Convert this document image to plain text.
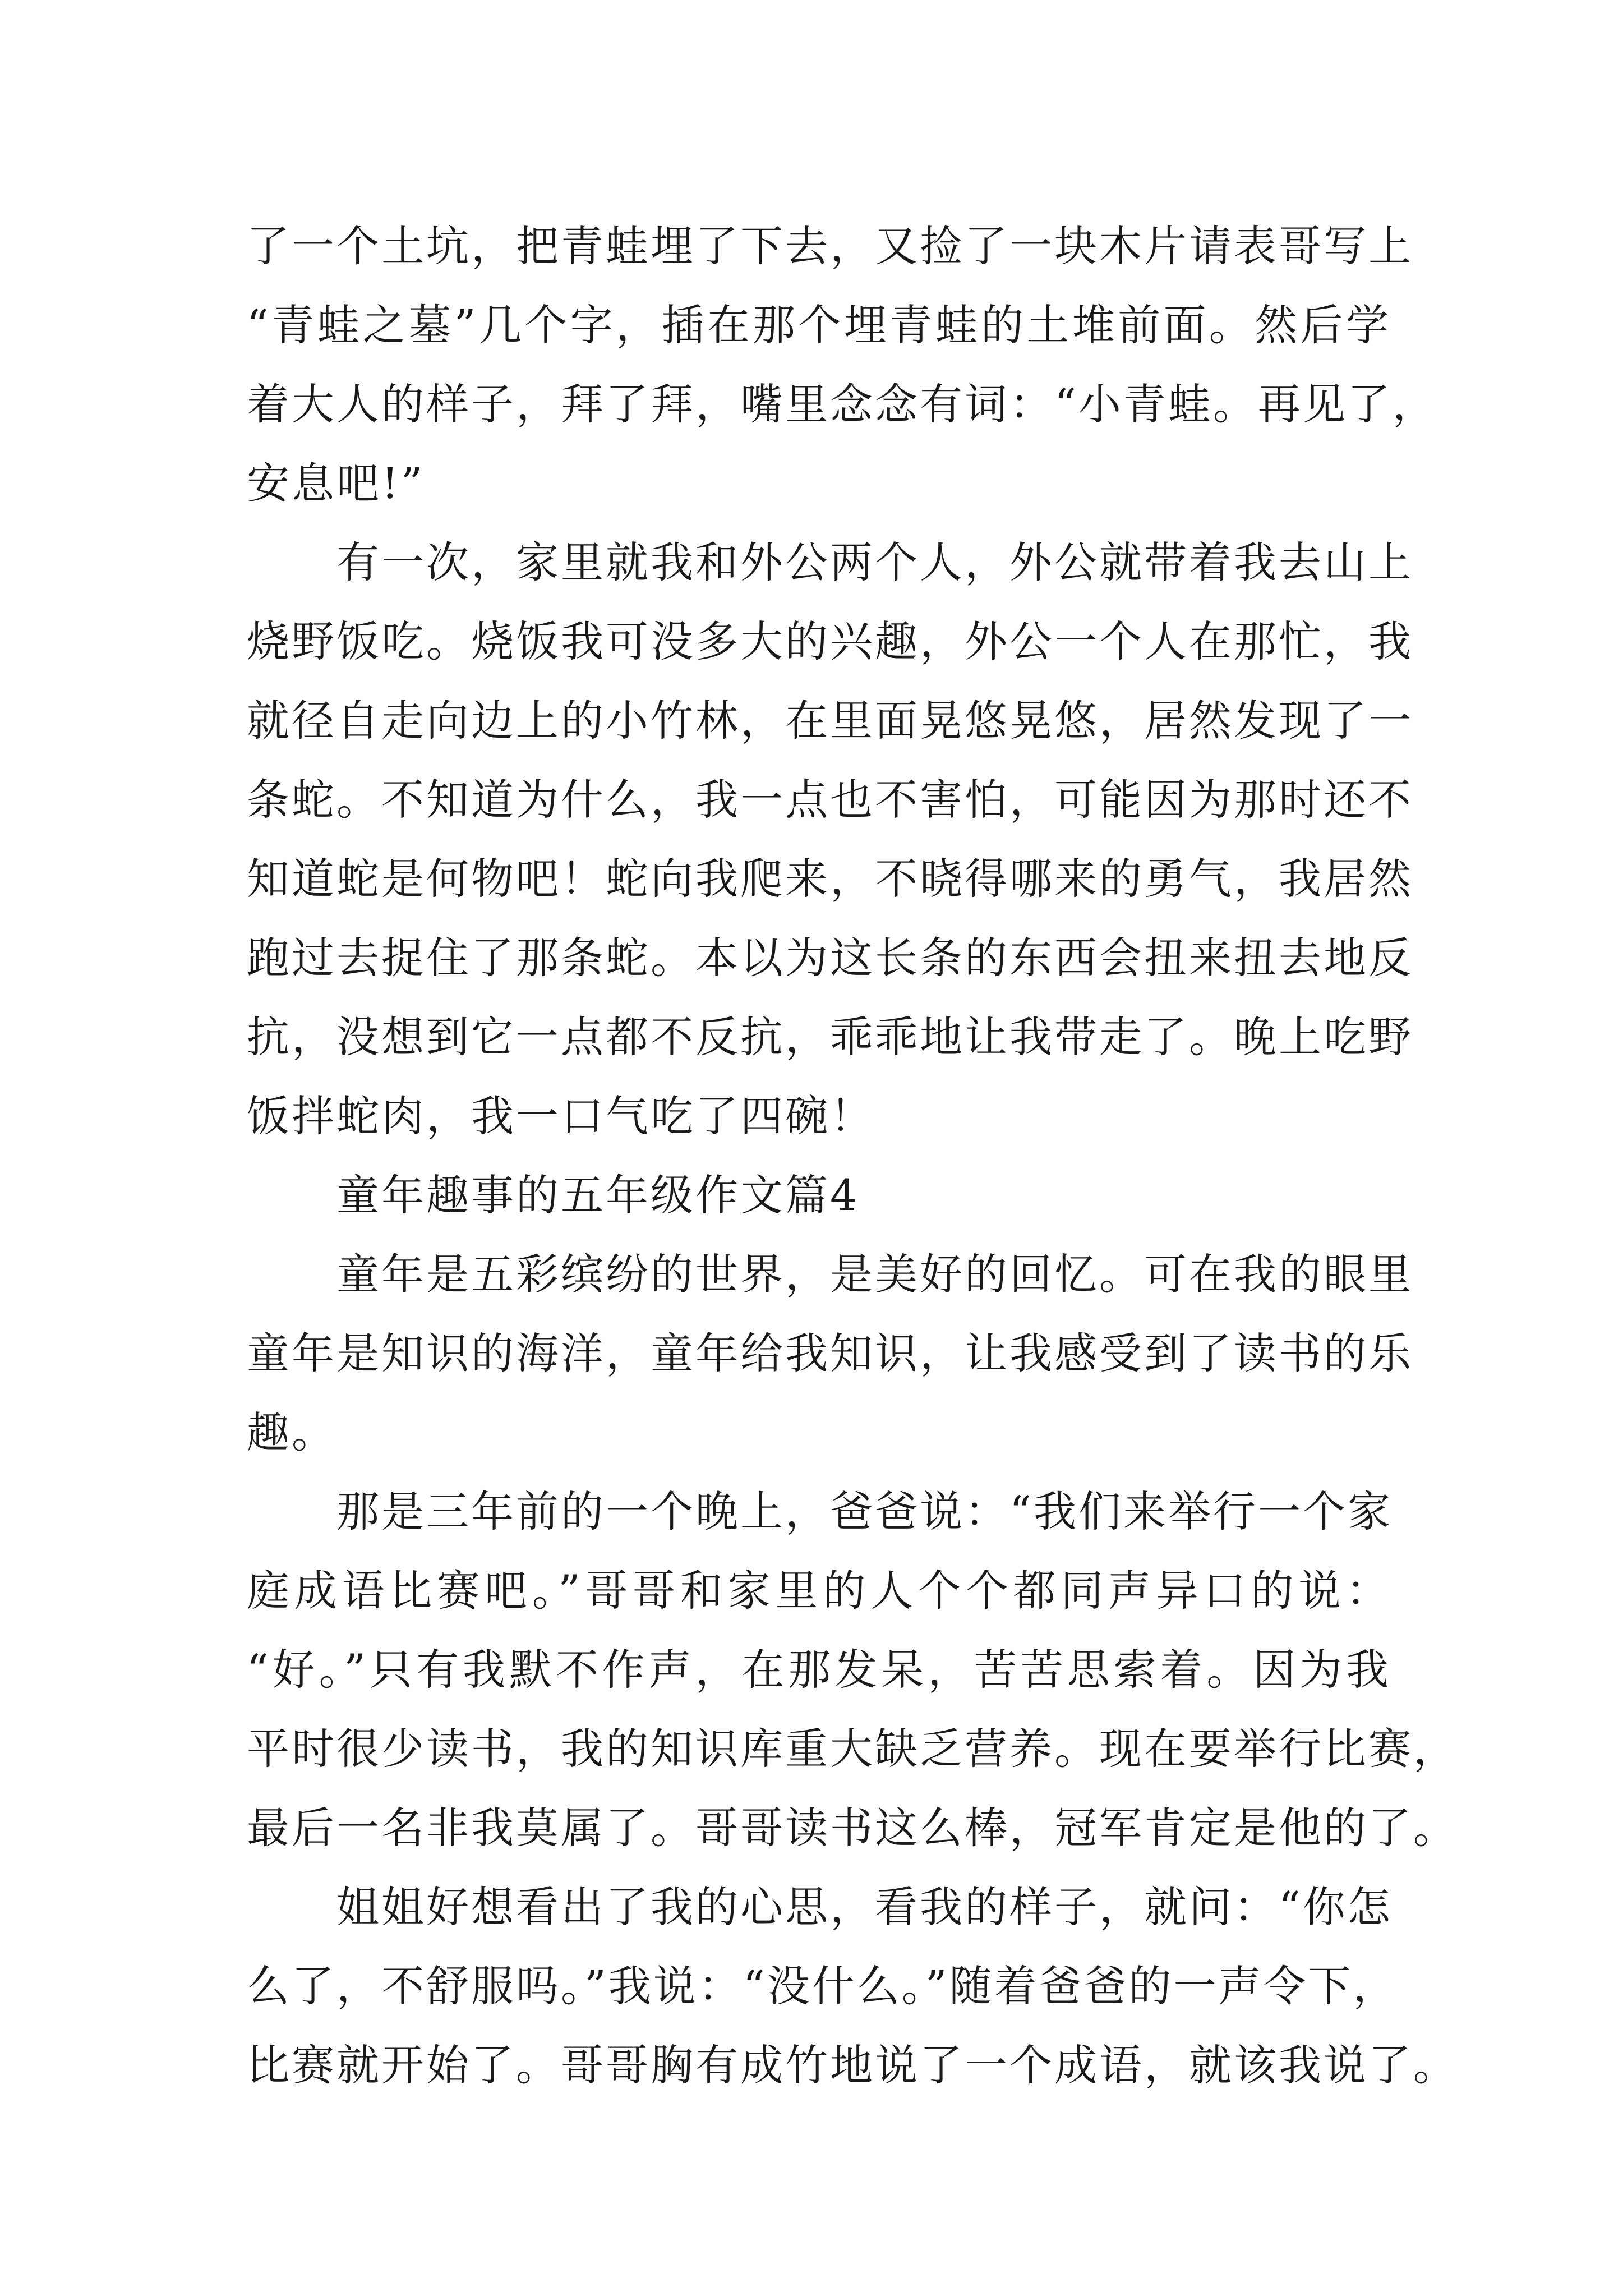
了一个土坑，把青蛙埋了下去，又捡了一块木片请表哥写上
“青蛙之墓”几个字，插在那个埋青蛙的土堆前面。然后学
着大人的样子，拜了拜，嘴里念念有词：“小青蛙。再见了，
安息吧!”
有一次，家里就我和外公两个人，外公就带着我去山上
烧野饭吃。烧饭我可没多大的兴趣，外公一个人在那忙，我
就径自走向边上的小竹林，在里面晃悠晃悠，居然发现了一
条蛇。不知道为什么，我一点也不害怕，可能因为那时还不
知道蛇是何物吧！蛇向我爬来，不晓得哪来的勇气，我居然
跑过去捉住了那条蛇。本以为这长条的东西会扭来扭去地反
抗，没想到它一点都不反抗，乖乖地让我带走了。晚上吃野
饭拌蛇肉，我一口气吃了四碗！
童年趣事的五年级作文篇4
童年是五彩缤纷的世界，是美好的回忆。可在我的眼里
童年是知识的海洋，童年给我知识，让我感受到了读书的乐
趣。
那是三年前的一个晚上，爸爸说：“我们来举行一个家
庭成语比赛吧。”哥哥和家里的人个个都同声异口的说：
“好。”只有我默不作声，在那发呆，苦苦思索着。因为我
平时很少读书，我的知识库重大缺乏营养。现在要举行比赛，
最后一名非我莫属了。哥哥读书这么棒，冠军肯定是他的了。
姐姐好想看出了我的心思，看我的样子，就问：“你怎
么了，不舒服吗。”我说：“没什么。”随着爸爸的一声令下，
比赛就开始了。哥哥胸有成竹地说了一个成语，就该我说了。
